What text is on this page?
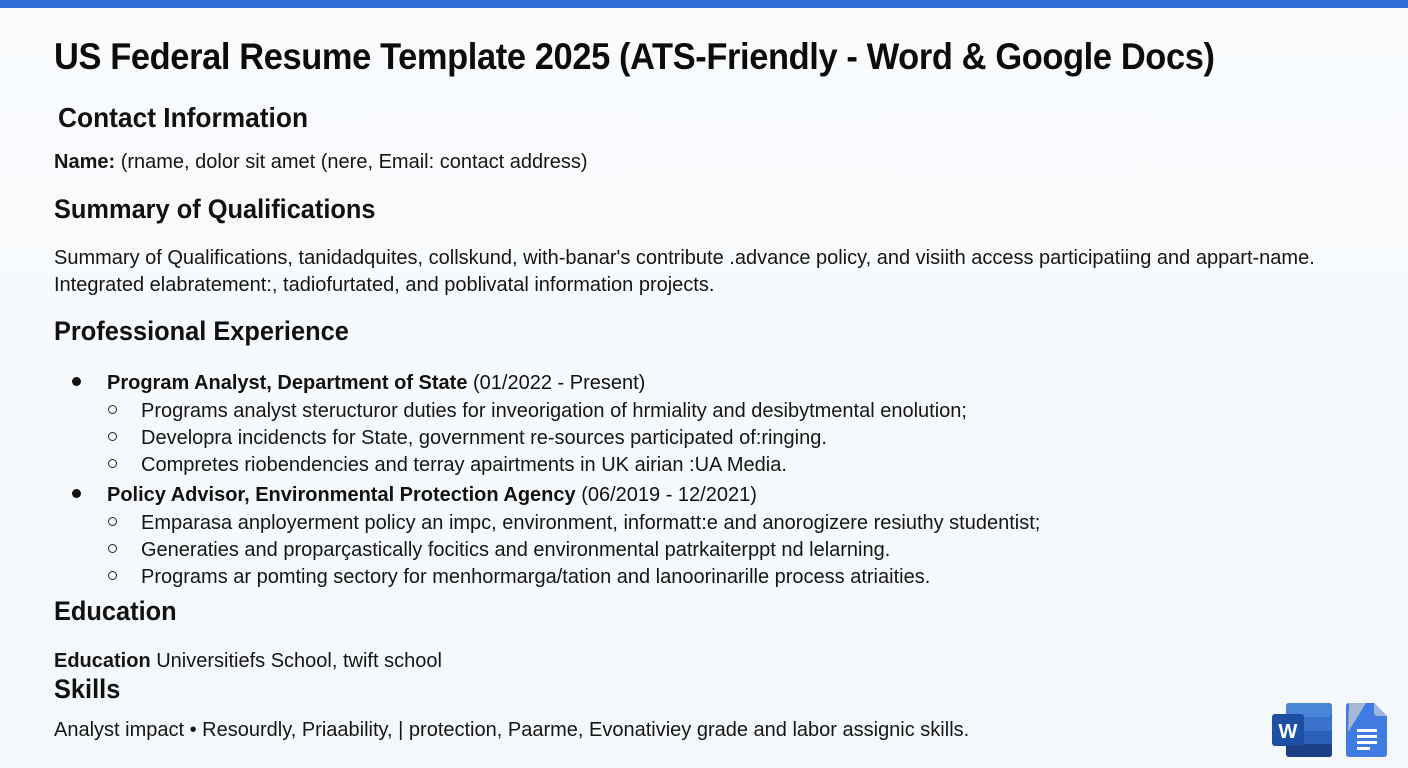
US Federal Resume Template 2025 (ATS-Friendly - Word & Google Docs)
Contact Information
Name: (rname, dolor sit amet (nere, Email: contact address)
Summary of Qualifications

Summary of Qualifications, tanidadquites, collskund, with-banar's contribute .advance policy, and visiith access participatiing and appart-name. Integrated elabratement:, tadiofurtated, and poblivatal information projects.

Professional Experience
Program Analyst, Department of State (01/2022 - Present)
Programs analyst steructuror duties for inveorigation of hrmiality and desibytmental enolution;
Developra incidencts for State, government re-sources participated of:ringing.
Compretes riobendencies and terray apairtments in UK airian :UA Media.
Policy Advisor, Environmental Protection Agency (06/2019 - 12/2021)
Emparasa anployerment policy an impc, environment, informatt:e and anorogizere resiuthy studentist;
Generaties and proparçastically focitics and environmental patrkaiterppt nd lelarning.
Programs ar pomting sectory for menhormarga/tation and lanoorinarille process atriaities.
Education
Education Universitiefs School, twift school
Skills
Analyst impact • Resourdly, Priaability, | protection, Paarme, Evonativiey grade and labor assignic skills.	W
